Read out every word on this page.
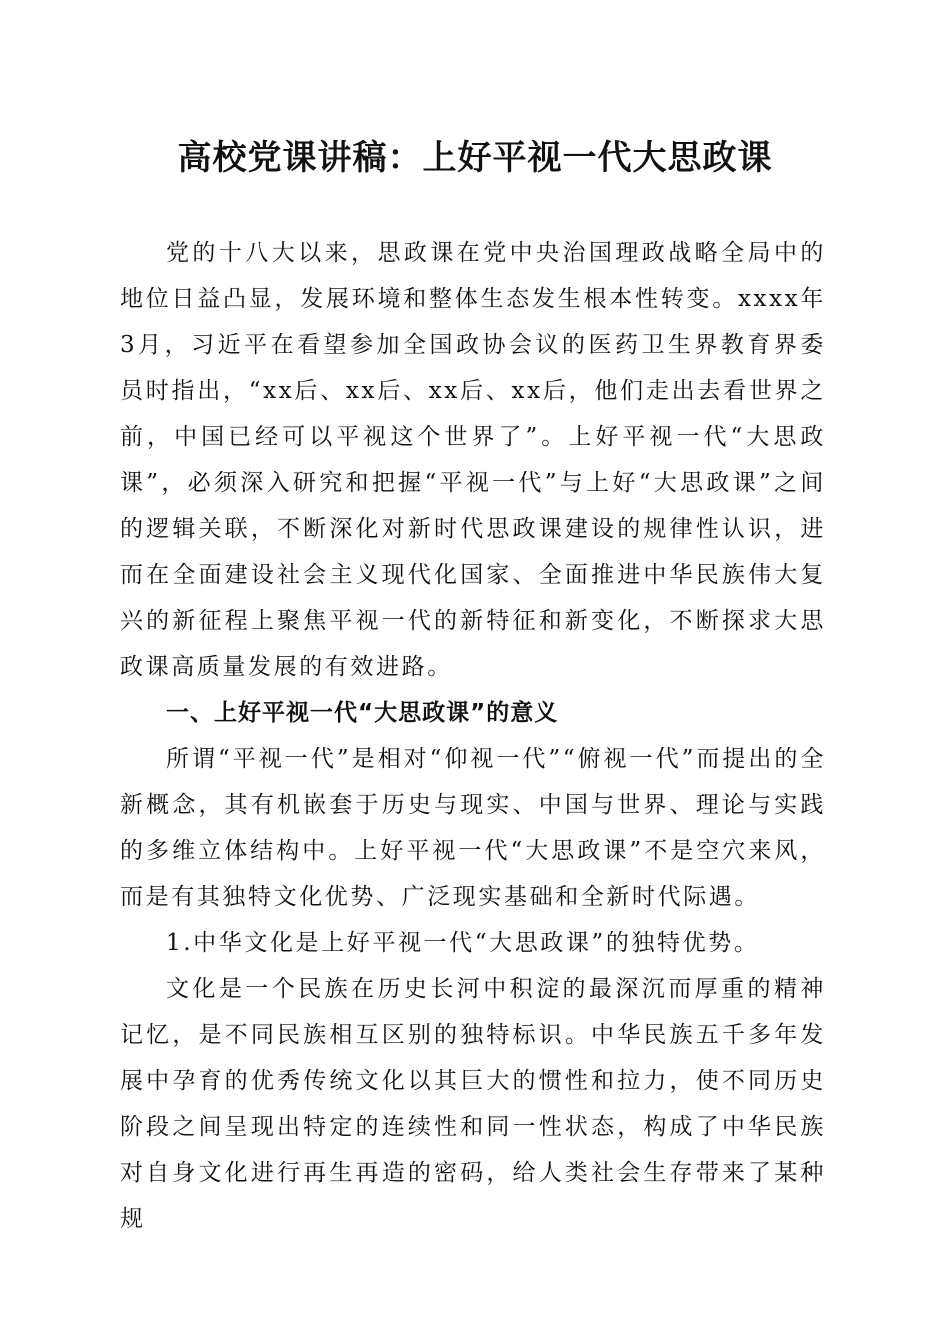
高校党课讲稿：上好平视一代大思政课

党的十八大以来，思政课在党中央治国理政战略全局中的地位日益凸显，发展环境和整体生态发生根本性转变。xxxx年3月，习近平在看望参加全国政协会议的医药卫生界教育界委员时指出，“xx后、xx后、xx后、xx后，他们走出去看世界之前，中国已经可以平视这个世界了”。上好平视一代“大思政课”，必须深入研究和把握“平视一代”与上好“大思政课”之间的逻辑关联，不断深化对新时代思政课建设的规律性认识，进而在全面建设社会主义现代化国家、全面推进中华民族伟大复兴的新征程上聚焦平视一代的新特征和新变化，不断探求大思政课高质量发展的有效进路。

一、上好平视一代“大思政课”的意义

所谓“平视一代”是相对“仰视一代”“俯视一代”而提出的全新概念，其有机嵌套于历史与现实、中国与世界、理论与实践的多维立体结构中。上好平视一代“大思政课”不是空穴来风，而是有其独特文化优势、广泛现实基础和全新时代际遇。

1.中华文化是上好平视一代“大思政课”的独特优势。

文化是一个民族在历史长河中积淀的最深沉而厚重的精神记忆，是不同民族相互区别的独特标识。中华民族五千多年发展中孕育的优秀传统文化以其巨大的惯性和拉力，使不同历史阶段之间呈现出特定的连续性和同一性状态，构成了中华民族对自身文化进行再生再造的密码，给人类社会生存带来了某种规
